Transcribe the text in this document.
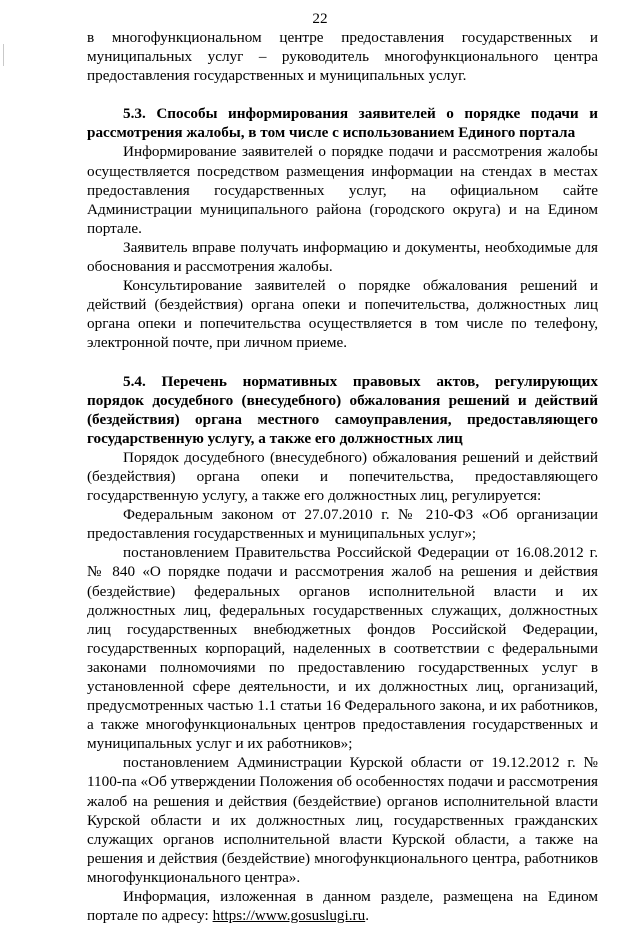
22

в многофункциональном центре предоставления государственных и муниципальных услуг – руководитель многофункционального центра предоставления государственных и муниципальных услуг.

5.3. Способы информирования заявителей о порядке подачи и рассмотрения жалобы, в том числе с использованием Единого портала

Информирование заявителей о порядке подачи и рассмотрения жалобы осуществляется посредством размещения информации на стендах в местах предоставления государственных услуг, на официальном сайте Администрации муниципального района (городского округа) и на Едином портале.

Заявитель вправе получать информацию и документы, необходимые для обоснования и рассмотрения жалобы.

Консультирование заявителей о порядке обжалования решений и действий (бездействия) органа опеки и попечительства, должностных лиц органа опеки и попечительства осуществляется в том числе по телефону, электронной почте, при личном приеме.

5.4. Перечень нормативных правовых актов, регулирующих порядок досудебного (внесудебного) обжалования решений и действий (бездействия) органа местного самоуправления, предоставляющего государственную услугу, а также его должностных лиц

Порядок досудебного (внесудебного) обжалования решений и действий (бездействия) органа опеки и попечительства, предоставляющего государственную услугу, а также его должностных лиц, регулируется:

Федеральным законом от 27.07.2010 г. № 210-ФЗ «Об организации предоставления государственных и муниципальных услуг»;

постановлением Правительства Российской Федерации от 16.08.2012 г. № 840 «О порядке подачи и рассмотрения жалоб на решения и действия (бездействие) федеральных органов исполнительной власти и их должностных лиц, федеральных государственных служащих, должностных лиц государственных внебюджетных фондов Российской Федерации, государственных корпораций, наделенных в соответствии с федеральными законами полномочиями по предоставлению государственных услуг в установленной сфере деятельности, и их должностных лиц, организаций, предусмотренных частью 1.1 статьи 16 Федерального закона, и их работников, а также многофункциональных центров предоставления государственных и муниципальных услуг и их работников»;

постановлением Администрации Курской области от 19.12.2012 г. № 1100-па «Об утверждении Положения об особенностях подачи и рассмотрения жалоб на решения и действия (бездействие) органов исполнительной власти Курской области и их должностных лиц, государственных гражданских служащих органов исполнительной власти Курской области, а также на решения и действия (бездействие) многофункционального центра, работников многофункционального центра».

Информация, изложенная в данном разделе, размещена на Едином портале по адресу: https://www.gosuslugi.ru.
